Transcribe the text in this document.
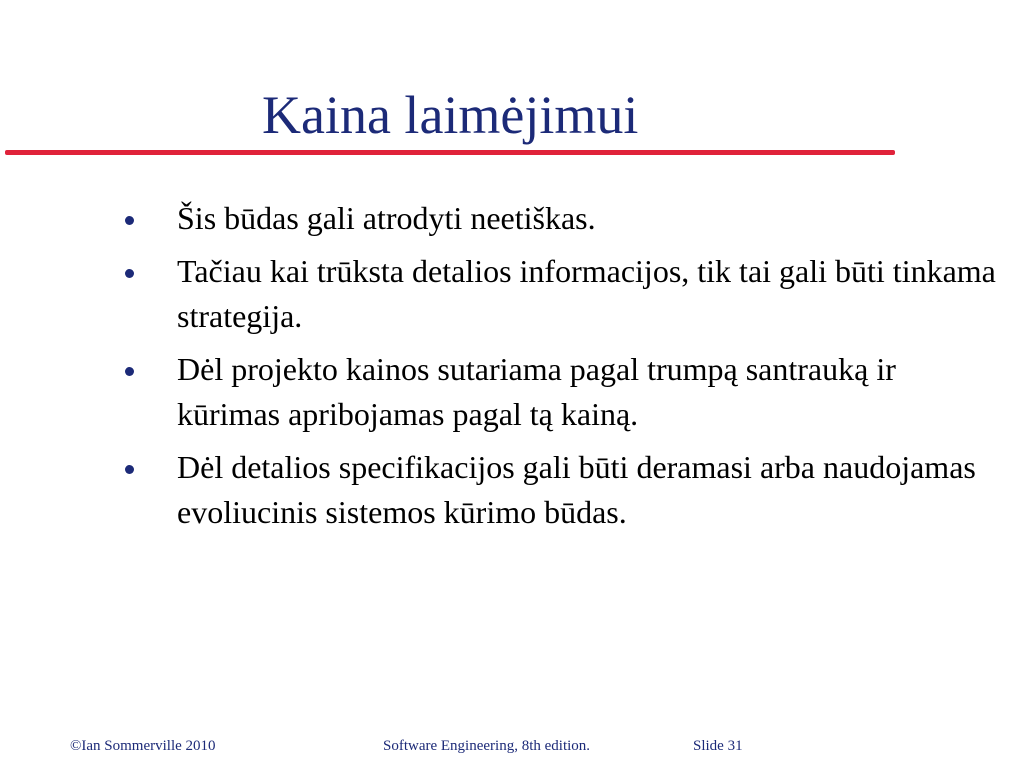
Kaina laimėjimui
Šis būdas gali atrodyti neetiškas.
Tačiau kai trūksta detalios informacijos, tik tai gali būti tinkama strategija.
Dėl projekto kainos sutariama pagal trumpą santrauką ir kūrimas apribojamas pagal tą kainą.
Dėl detalios specifikacijos gali būti deramasi arba naudojamas evoliucinis sistemos kūrimo būdas.
©Ian Sommerville 2010	Software Engineering, 8th edition.	Slide 31
